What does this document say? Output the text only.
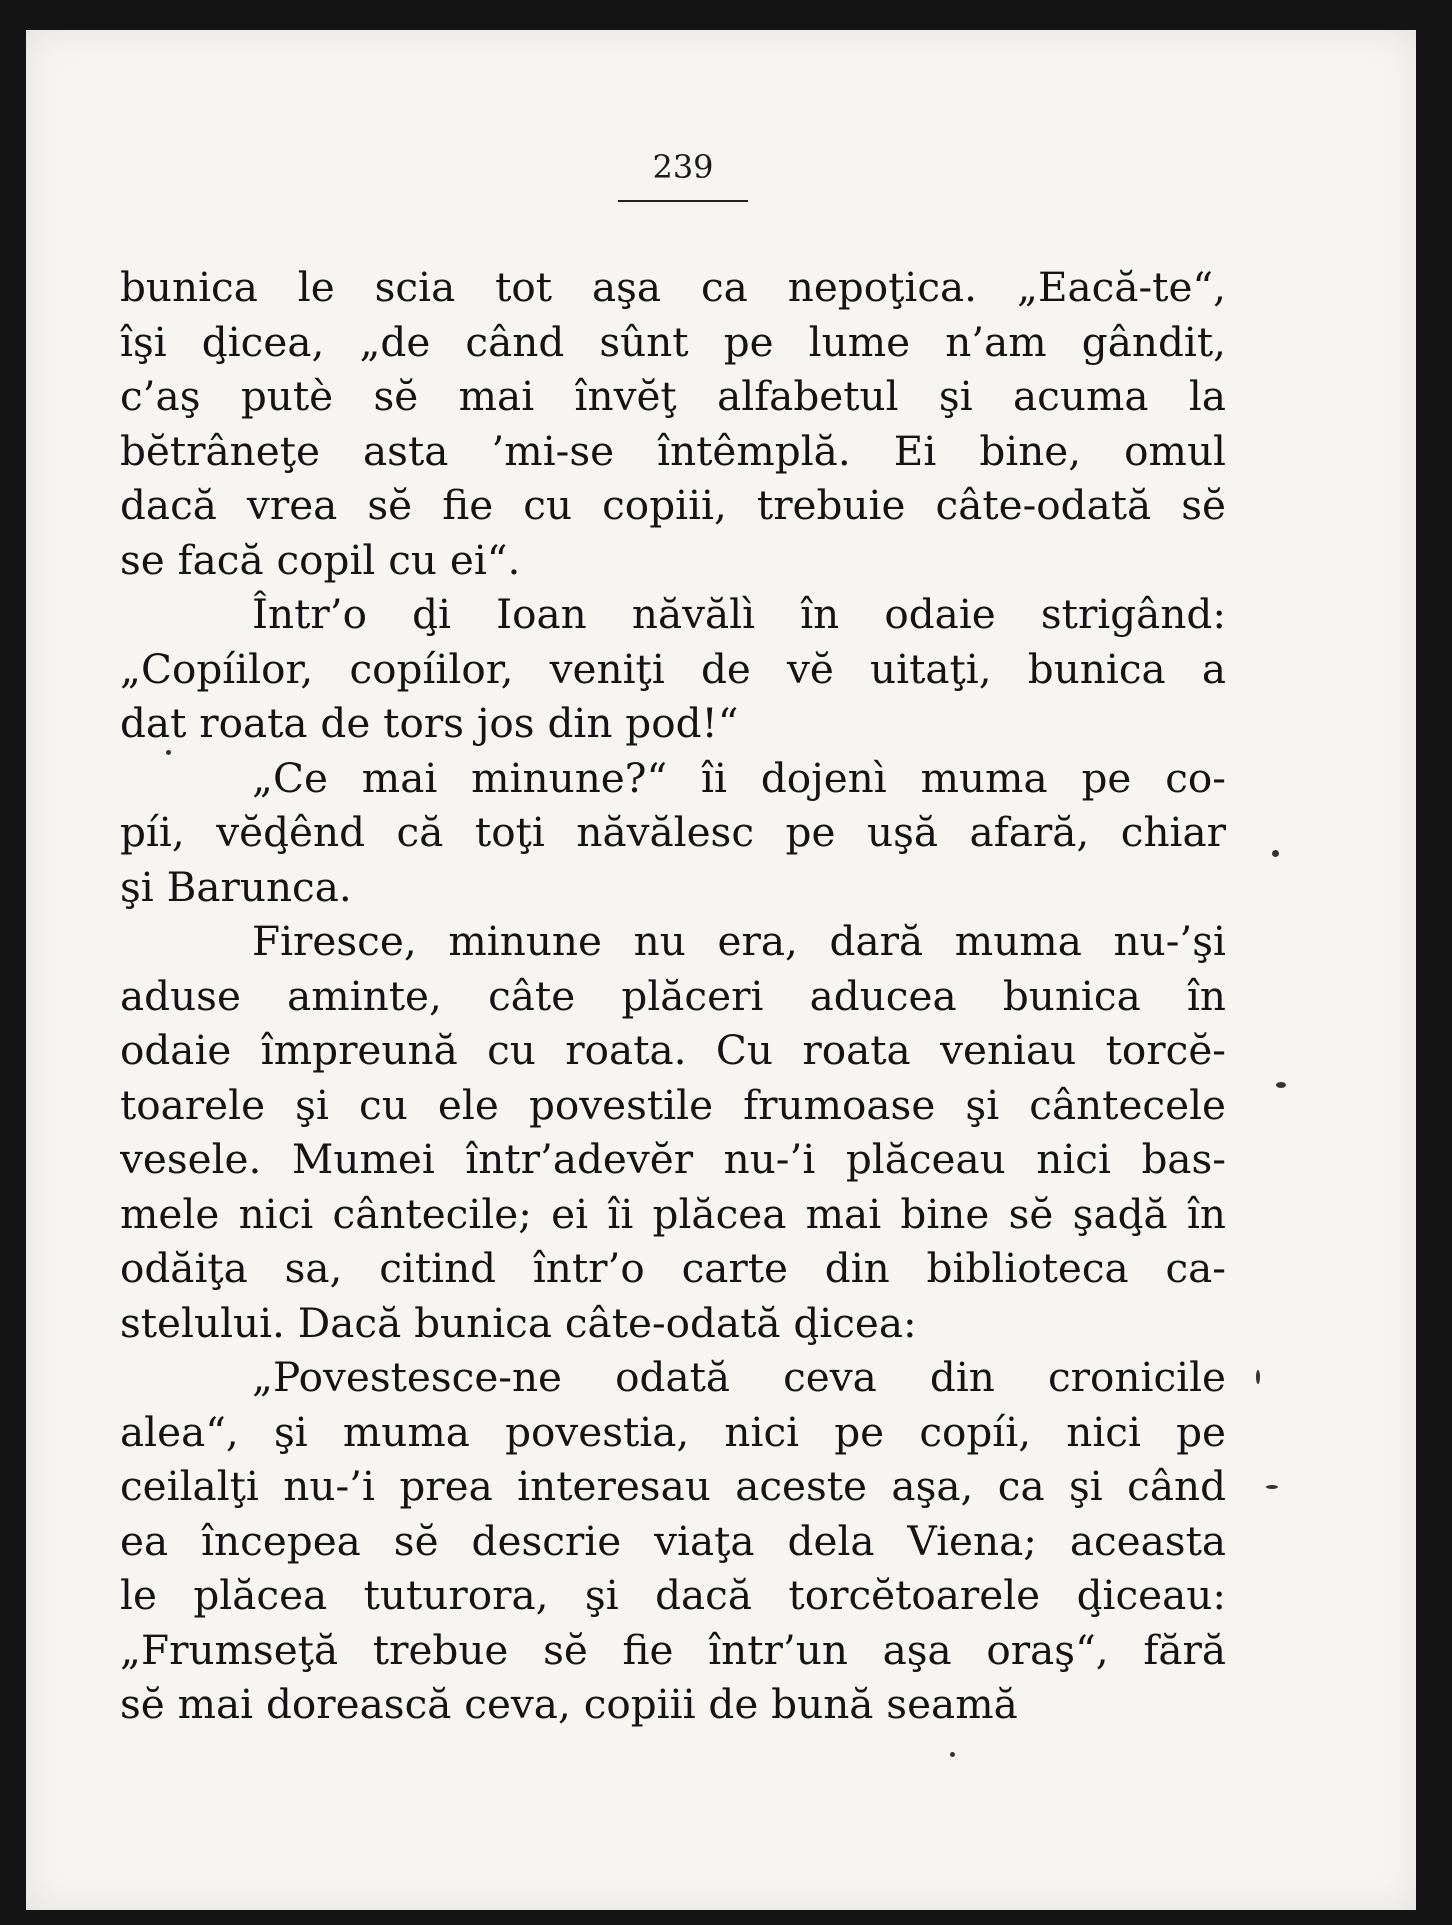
239
bunica le scia tot aşa ca nepoţica. „Eacă-te“,
îşi ḑicea, „de când sûnt pe lume n’am gândit,
c’aş putè sĕ mai învĕţ alfabetul şi acuma la
bĕtrâneţe asta ’mi-se întêmplă. Ei bine, omul
dacă vrea sĕ fie cu copiii, trebuie câte-odată sĕ
se facă copil cu ei“.
Într’o ḑi Ioan năvălì în odaie strigând:
„Copíilor, copíilor, veniţi de vĕ uitaţi, bunica a
dat roata de tors jos din pod!“
„Ce mai minune?“ îi dojenì muma pe co-
píi, vĕḑênd că toţi năvălesc pe uşă afară, chiar
şi Barunca.
Firesce, minune nu era, dară muma nu-’şi
aduse aminte, câte plăceri aducea bunica în
odaie împreună cu roata. Cu roata veniau torcĕ-
toarele şi cu ele povestile frumoase şi cântecele
vesele. Mumei într’adevĕr nu-’i plăceau nici bas-
mele nici cântecile; ei îi plăcea mai bine sĕ şaḑă în
odăiţa sa, citind într’o carte din biblioteca ca-
stelului. Dacă bunica câte-odată ḑicea:
„Povestesce-ne odată ceva din cronicile
alea“, şi muma povestia, nici pe copíi, nici pe
ceilalţi nu-’i prea interesau aceste aşa, ca şi când
ea începea sĕ descrie viaţa dela Viena; aceasta
le plăcea tuturora, şi dacă torcĕtoarele ḑiceau:
„Frumseţă trebue sĕ fie într’un aşa oraş“, fără
sĕ mai dorească ceva, copiii de bună seamă
